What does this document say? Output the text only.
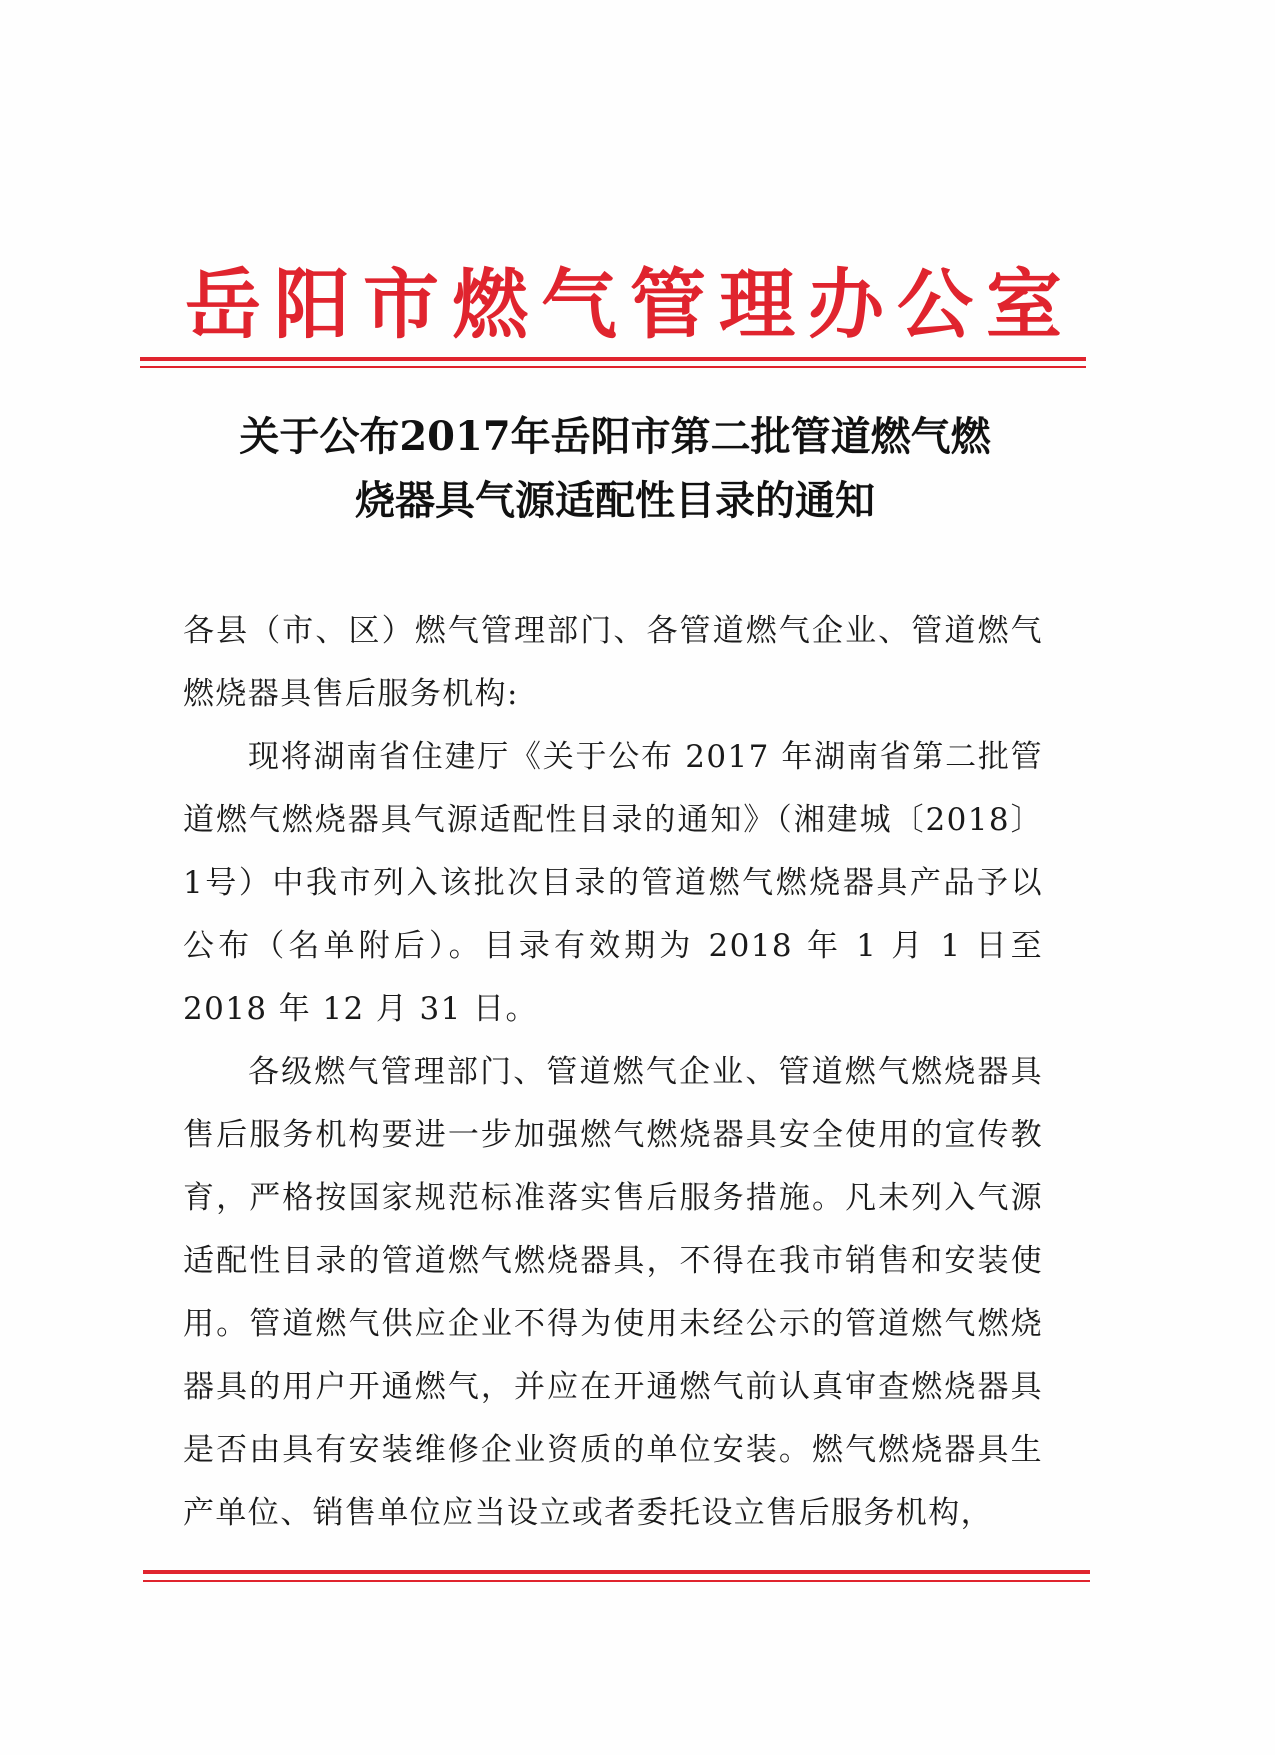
岳阳市燃气管理办公室
关于公布2017年岳阳市第二批管道燃气燃
烧器具气源适配性目录的通知

各县（市、区）燃气管理部门、各管道燃气企业、管道燃气燃烧器具售后服务机构:

现将湖南省住建厅《关于公布 2017 年湖南省第二批管道燃气燃烧器具气源适配性目录的通知》（湘建城〔2018〕1号）中我市列入该批次目录的管道燃气燃烧器具产品予以公布（名单附后）。目录有效期为 2018 年 1 月 1 日至 2018 年 12 月 31 日。

各级燃气管理部门、管道燃气企业、管道燃气燃烧器具售后服务机构要进一步加强燃气燃烧器具安全使用的宣传教育，严格按国家规范标准落实售后服务措施。凡未列入气源适配性目录的管道燃气燃烧器具，不得在我市销售和安装使用。管道燃气供应企业不得为使用未经公示的管道燃气燃烧器具的用户开通燃气，并应在开通燃气前认真审查燃烧器具是否由具有安装维修企业资质的单位安装。燃气燃烧器具生产单位、销售单位应当设立或者委托设立售后服务机构，
